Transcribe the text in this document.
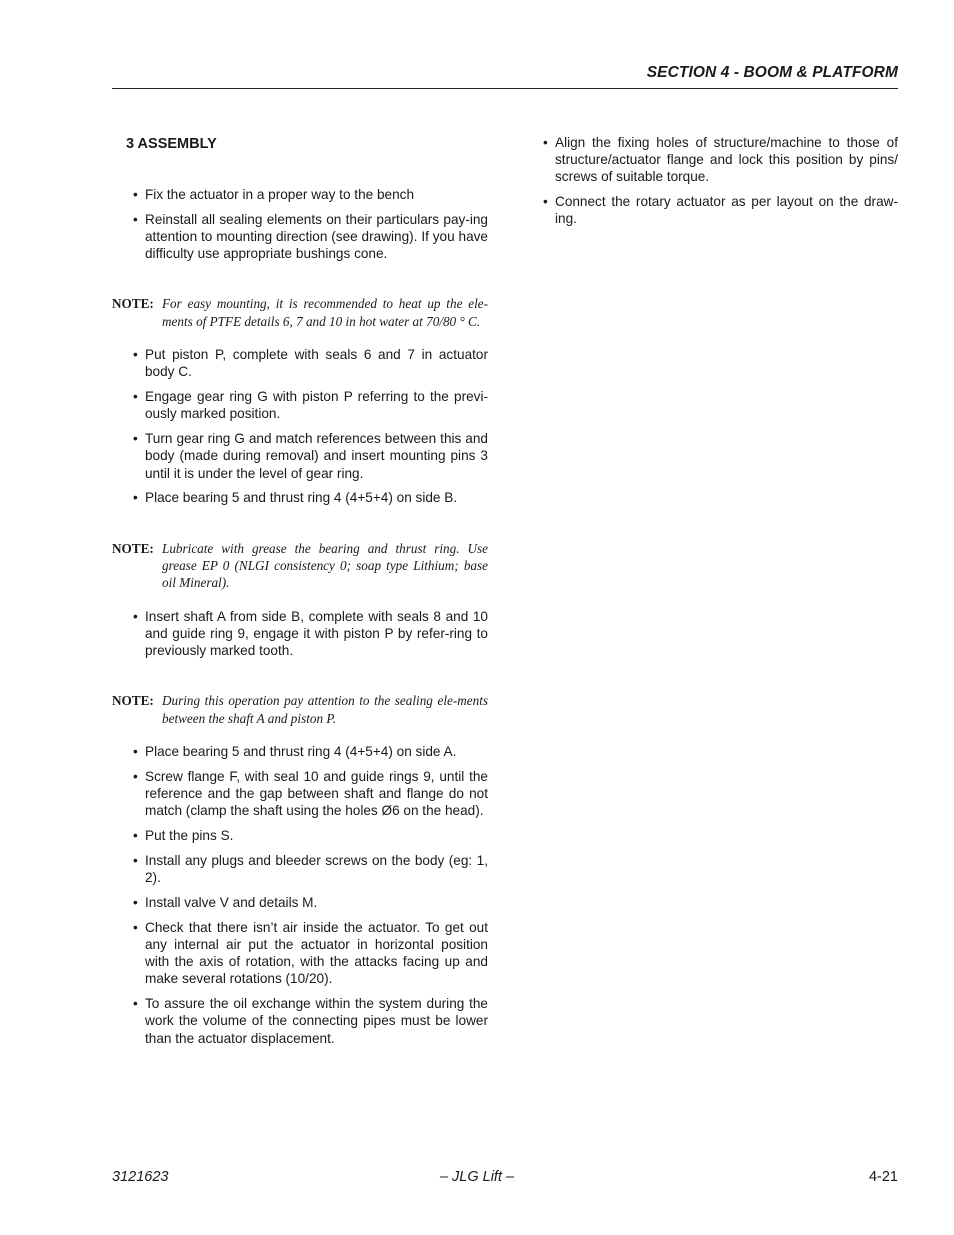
SECTION 4 - BOOM & PLATFORM
3 ASSEMBLY
• Fix the actuator in a proper way to the bench
• Reinstall all sealing elements on their particulars pay-ing attention to mounting direction (see drawing). If you have difficulty use appropriate bushings cone.
NOTE: For easy mounting, it is recommended to heat up the ele-ments of PTFE details 6, 7 and 10 in hot water at 70/80 ° C.
• Put piston P, complete with seals 6 and 7 in actuator body C.
• Engage gear ring G with piston P referring to the previ-ously marked position.
• Turn gear ring G and match references between this and body (made during removal) and insert mounting pins 3 until it is under the level of gear ring.
• Place bearing 5 and thrust ring 4 (4+5+4) on side B.
NOTE: Lubricate with grease the bearing and thrust ring. Use grease EP 0 (NLGI consistency 0; soap type Lithium; base oil Mineral).
• Insert shaft A from side B, complete with seals 8 and 10 and guide ring 9, engage it with piston P by refer-ring to previously marked tooth.
NOTE: During this operation pay attention to the sealing ele-ments between the shaft A and piston P.
• Place bearing 5 and thrust ring 4 (4+5+4) on side A.
• Screw flange F, with seal 10 and guide rings 9, until the reference and the gap between shaft and flange do not match (clamp the shaft using the holes Ø6 on the head).
• Put the pins S.
• Install any plugs and bleeder screws on the body (eg: 1, 2).
• Install valve V and details M.
• Check that there isn’t air inside the actuator. To get out any internal air put the actuator in horizontal position with the axis of rotation, with the attacks facing up and make several rotations (10/20).
• To assure the oil exchange within the system during the work the volume of the connecting pipes must be lower than the actuator displacement.
• Align the fixing holes of structure/machine to those of structure/actuator flange and lock this position by pins/ screws of suitable torque.
• Connect the rotary actuator as per layout on the draw-ing.
3121623	– JLG Lift –	4-21
